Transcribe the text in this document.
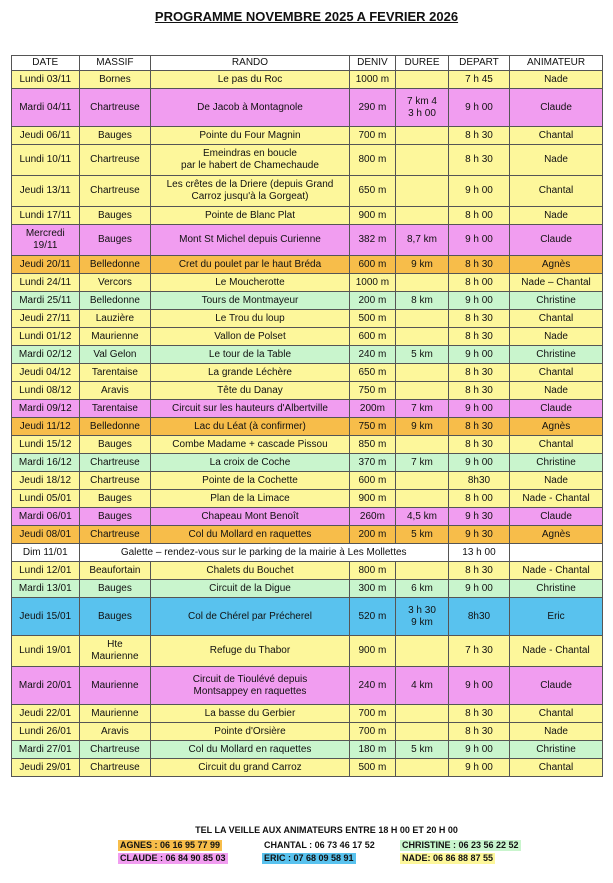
PROGRAMME NOVEMBRE 2025 A FEVRIER 2026
DATE	MASSIF	RANDO	DENIV	DUREE	DEPART	ANIMATEUR
Lundi 03/11	Bornes	Le pas du Roc	1000 m		7 h 45	Nade
Mardi 04/11	Chartreuse	De Jacob à Montagnole	290 m	7 km 4
3 h 00	9 h 00	Claude
Jeudi 06/11	Bauges	Pointe du Four Magnin	700 m		8 h 30	Chantal
Lundi 10/11	Chartreuse	Emeindras en boucle
par le habert de Chamechaude	800 m		8 h 30	Nade
Jeudi 13/11	Chartreuse	Les crêtes de la Driere (depuis Grand
Carroz jusqu'à la Gorgeat)	650 m		9 h 00	Chantal
Lundi 17/11	Bauges	Pointe de Blanc Plat	900 m		8 h 00	Nade
Mercredi
19/11	Bauges	Mont St Michel depuis Curienne	382 m	8,7 km	9 h 00	Claude
Jeudi 20/11	Belledonne	Cret du poulet par le haut Bréda	600 m	9 km	8 h 30	Agnès
Lundi 24/11	Vercors	Le Moucherotte	1000 m		8 h 00	Nade – Chantal
Mardi 25/11	Belledonne	Tours de Montmayeur	200 m	8 km	9 h 00	Christine
Jeudi 27/11	Lauzière	Le Trou du loup	500 m		8 h 30	Chantal
Lundi 01/12	Maurienne	Vallon de Polset	600 m		8 h 30	Nade
Mardi 02/12	Val Gelon	Le tour de la Table	240 m	5 km	9 h 00	Christine
Jeudi 04/12	Tarentaise	La grande Léchère	650 m		8 h 30	Chantal
Lundi 08/12	Aravis	Tête du Danay	750 m		8 h 30	Nade
Mardi 09/12	Tarentaise	Circuit sur les hauteurs d'Albertville	200m	7 km	9 h 00	Claude
Jeudi 11/12	Belledonne	Lac du Léat (à confirmer)	750 m	9 km	8 h 30	Agnès
Lundi 15/12	Bauges	Combe Madame + cascade Pissou	850 m		8 h 30	Chantal
Mardi 16/12	Chartreuse	La croix de Coche	370 m	7 km	9 h 00	Christine
Jeudi 18/12	Chartreuse	Pointe de la Cochette	600 m		8h30	Nade
Lundi 05/01	Bauges	Plan de la Limace	900 m		8 h 00	Nade - Chantal
Mardi 06/01	Bauges	Chapeau Mont Benoît	260m	4,5 km	9 h 30	Claude
Jeudi 08/01	Chartreuse	Col du Mollard en raquettes	200 m	5 km	9 h 30	Agnès
Dim 11/01	Galette – rendez-vous sur le parking de la mairie à Les Mollettes				13 h 00	
Lundi 12/01	Beaufortain	Chalets du Bouchet	800 m		8 h 30	Nade - Chantal
Mardi 13/01	Bauges	Circuit de la Digue	300 m	6 km	9 h 00	Christine
Jeudi 15/01	Bauges	Col de Chérel par Précherel	520 m	3 h 30
9 km	8h30	Eric
Lundi 19/01	Hte
Maurienne	Refuge du Thabor	900 m		7 h 30	Nade - Chantal
Mardi 20/01	Maurienne	Circuit de Tioulévé depuis
Montsappey en raquettes	240 m	4 km	9 h 00	Claude
Jeudi 22/01	Maurienne	La basse du Gerbier	700 m		8 h 30	Chantal
Lundi 26/01	Aravis	Pointe d'Orsière	700 m		8 h 30	Nade
Mardi 27/01	Chartreuse	Col du Mollard en raquettes	180 m	5 km	9 h 00	Christine
Jeudi 29/01	Chartreuse	Circuit du grand Carroz	500 m		9 h 00	Chantal
TEL LA VEILLE AUX ANIMATEURS ENTRE 18 H 00 ET 20 H 00
AGNES : 06 16 95 77 99	CHANTAL : 06 73 46 17 52	CHRISTINE : 06 23 56 22 52
CLAUDE : 06 84 90 85 03	ERIC : 07 68 09 58 91	NADE: 06 86 88 87 55
